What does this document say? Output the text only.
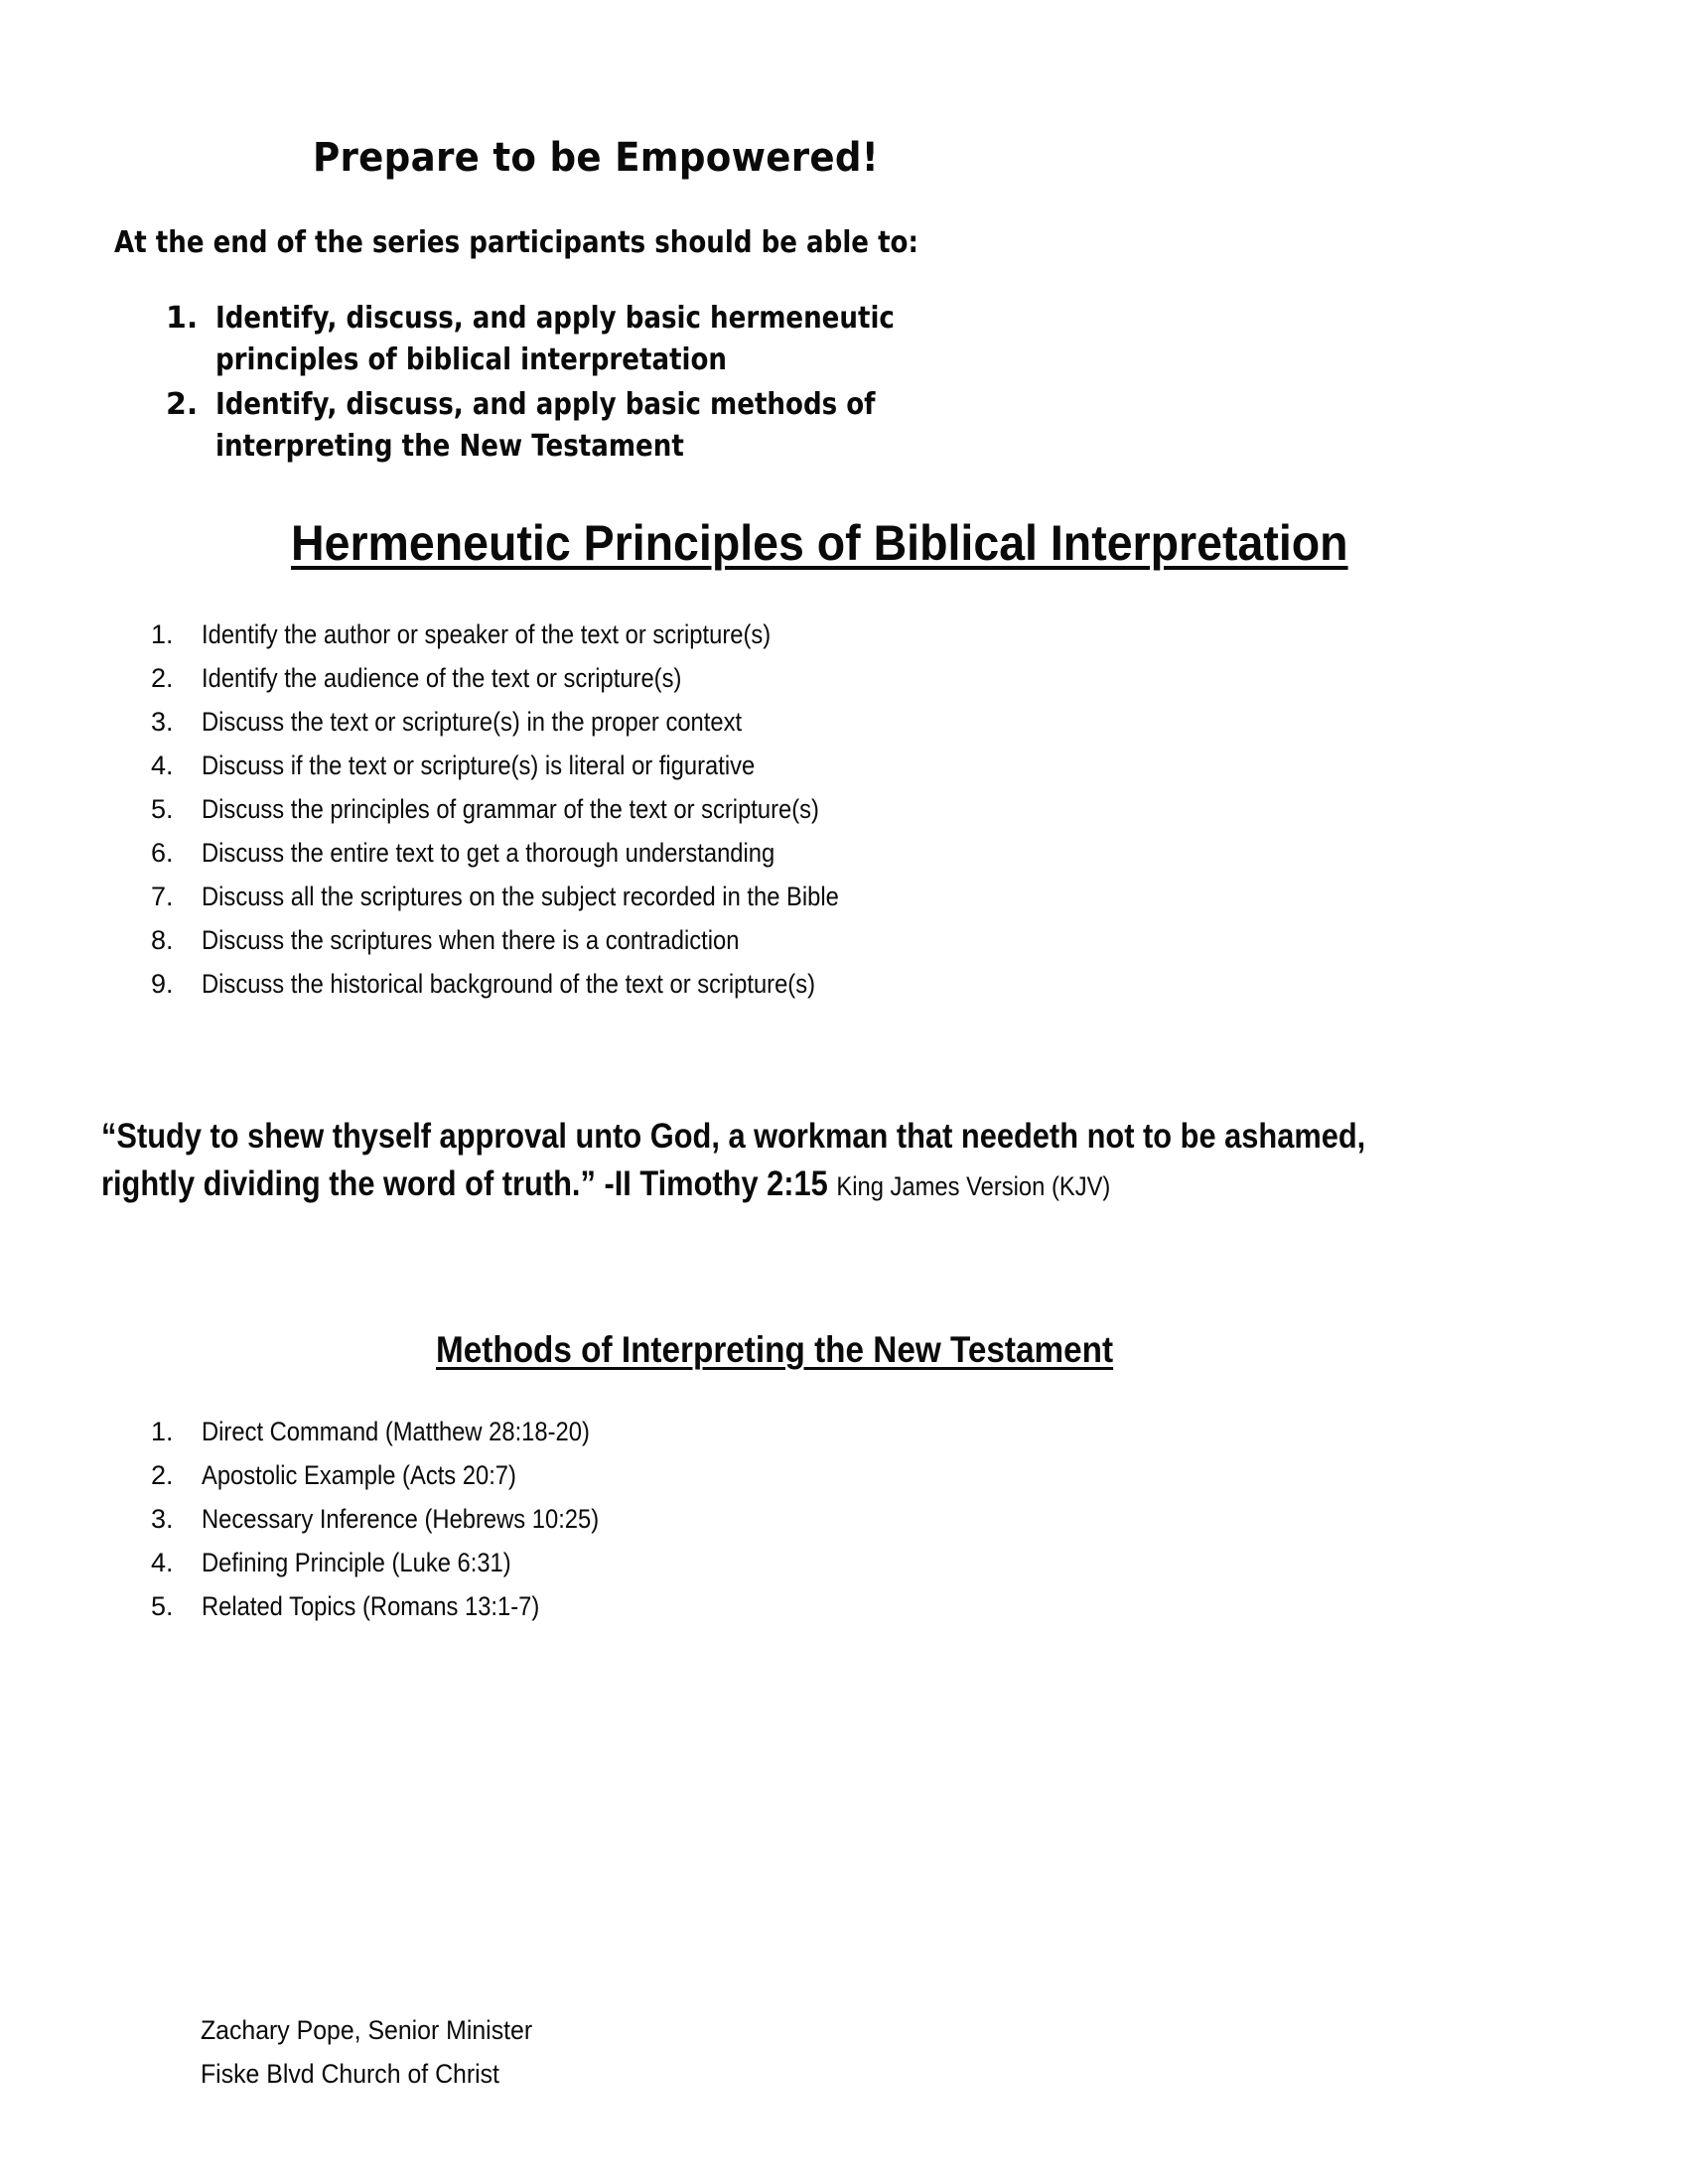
Prepare to be Empowered!
At the end of the series participants should be able to:
1. Identify, discuss, and apply basic hermeneutic
principles of biblical interpretation
2. Identify, discuss, and apply basic methods of
interpreting the New Testament
Hermeneutic Principles of Biblical Interpretation
1. Identify the author or speaker of the text or scripture(s)
2. Identify the audience of the text or scripture(s)
3. Discuss the text or scripture(s) in the proper context
4. Discuss if the text or scripture(s) is literal or figurative
5. Discuss the principles of grammar of the text or scripture(s)
6. Discuss the entire text to get a thorough understanding
7. Discuss all the scriptures on the subject recorded in the Bible
8. Discuss the scriptures when there is a contradiction
9. Discuss the historical background of the text or scripture(s)
“Study to shew thyself approval unto God, a workman that needeth not to be ashamed,
rightly dividing the word of truth.” -II Timothy 2:15 King James Version (KJV)
Methods of Interpreting the New Testament
1. Direct Command (Matthew 28:18-20)
2. Apostolic Example (Acts 20:7)
3. Necessary Inference (Hebrews 10:25)
4. Defining Principle (Luke 6:31)
5. Related Topics (Romans 13:1-7)
Zachary Pope, Senior Minister
Fiske Blvd Church of Christ
